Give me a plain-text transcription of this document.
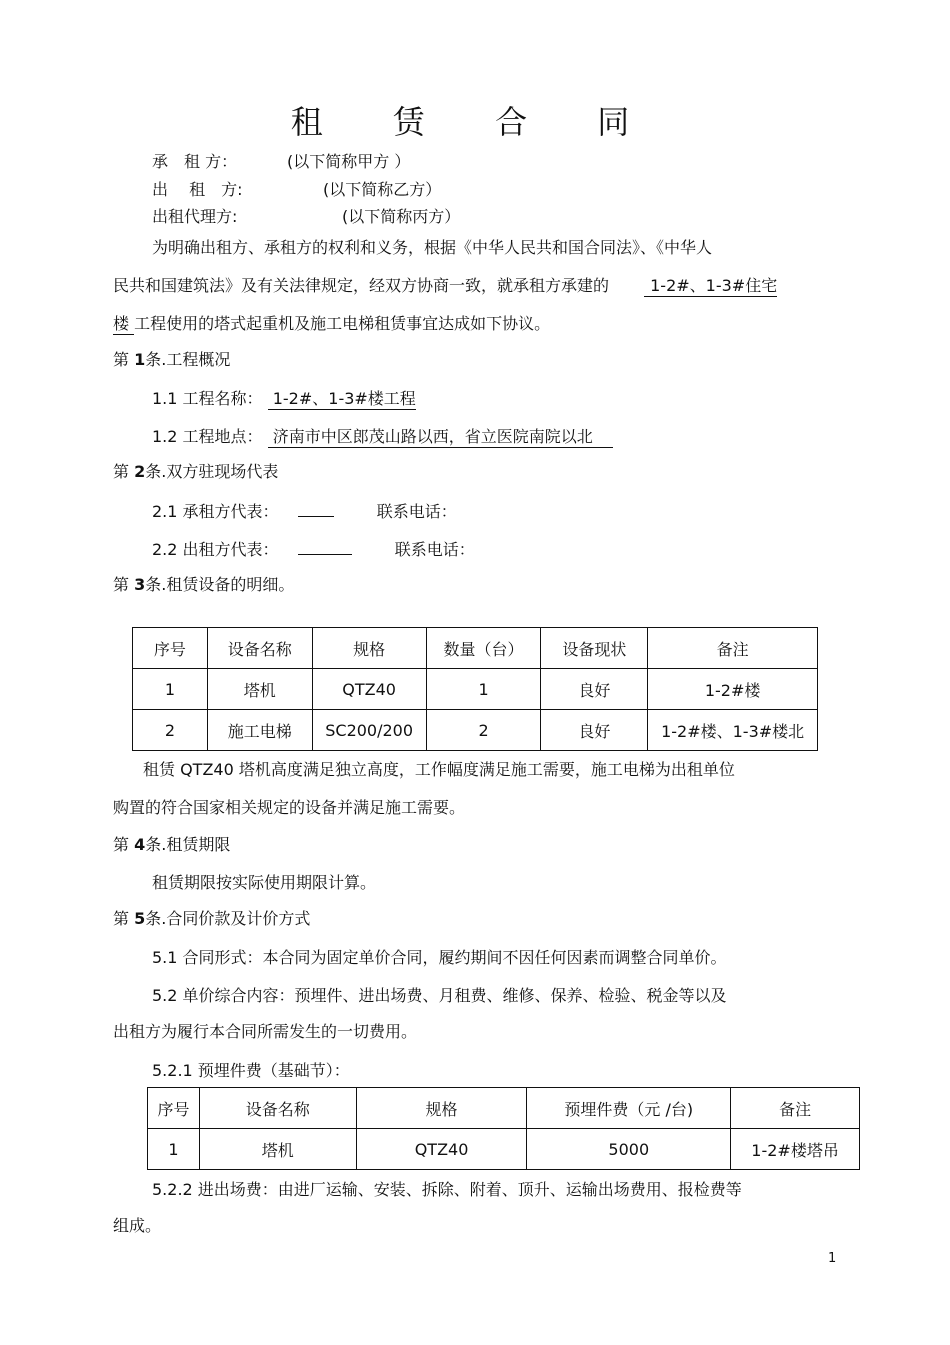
租 赁 合 同
承　租 方：	(以下简称甲方 ）
出　 租　方:	(以下简称乙方）
出租代理方:	(以下简称丙方）
为明确出租方、承租方的权利和义务，根据《中华人民共和国合同法》、《中华人
民共和国建筑法》及有关法律规定，经双方协商一致，就承租方承建的	1-2#、1-3#住宅
楼 工程使用的塔式起重机及施工电梯租赁事宜达成如下协议。
第 1条.工程概况
1.1 工程名称：  1-2#、1-3#楼工程
1.2 工程地点：  济南市中区郎茂山路以西，省立医院南院以北
第 2条.双方驻现场代表
2.1 承租方代表：	联系电话：
2.2 出租方代表：	联系电话：
第 3条.租赁设备的明细。
序号	设备名称	规格	数量（台）	设备现状	备注
1	塔机	QTZ40	1	良好	1-2#楼
2	施工电梯	SC200/200	2	良好	1-2#楼、1-3#楼北
租赁 QTZ40 塔机高度满足独立高度，工作幅度满足施工需要，施工电梯为出租单位
购置的符合国家相关规定的设备并满足施工需要。
第 4条.租赁期限
租赁期限按实际使用期限计算。
第 5条.合同价款及计价方式
5.1 合同形式：本合同为固定单价合同，履约期间不因任何因素而调整合同单价。
5.2 单价综合内容：预埋件、进出场费、月租费、维修、保养、检验、税金等以及
出租方为履行本合同所需发生的一切费用。
5.2.1 预埋件费（基础节）：
序号	设备名称	规格	预埋件费（元 /台)	备注
1	塔机	QTZ40	5000	1-2#楼塔吊
5.2.2 进出场费：由进厂运输、安装、拆除、附着、顶升、运输出场费用、报检费等
组成。
1
